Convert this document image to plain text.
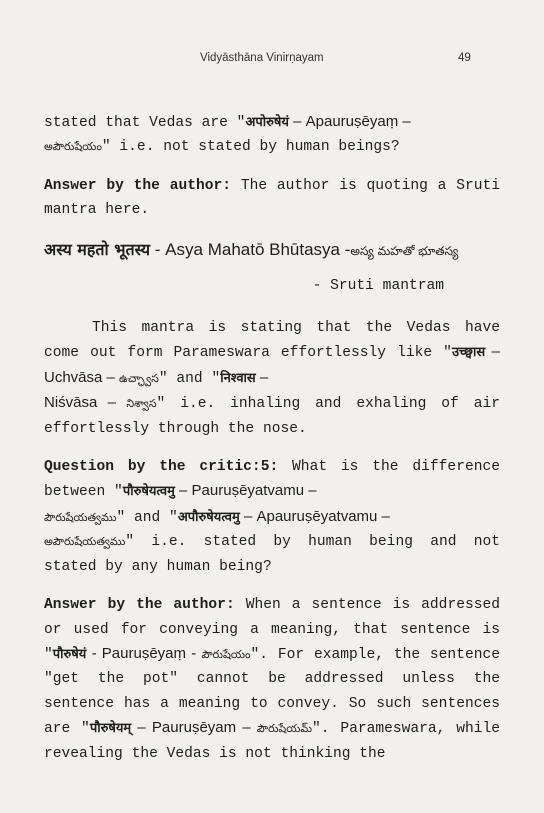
Vidyāsthāna Vinirṇayam	49

stated that Vedas are "अपोरुषेयं – Apauruṣēyaṃ –
అపౌరుషేయం" i.e. not stated by human beings?

Answer by the author: The author is quoting a Sruti mantra here.

अस्य महतो भूतस्य - Asya Mahatō Bhūtasya -అస్య మహతో భూతస్య
- Sruti mantram

This mantra is stating that the Vedas have come out form Parameswara effortlessly like "उच्छ्वास – Uchvāsa – ఉచ్ఛ్వాస" and "निश्वास –
Niśvāsa – నిశ్వాస" i.e. inhaling and exhaling of air effortlessly through the nose.

Question by the critic:5: What is the difference between "पौरुषेयत्वमु – Pauruṣēyatvamu –
పౌరుషేయత్వము" and "अपौरुषेयत्वमु – Apauruṣēyatvamu –
అపౌరుషేయత్వము" i.e. stated by human being and not stated by any human being?

Answer by the author: When a sentence is addressed or used for conveying a meaning, that sentence is "पौरुषेयं - Pauruṣēyaṃ - పౌరుషేయం". For example, the sentence "get the pot" cannot be addressed unless the sentence has a meaning to convey. So such sentences are "पौरुषेयम् – Pauruṣēyam – పౌరుషేయమ్". Parameswara, while revealing the Vedas is not thinking the
